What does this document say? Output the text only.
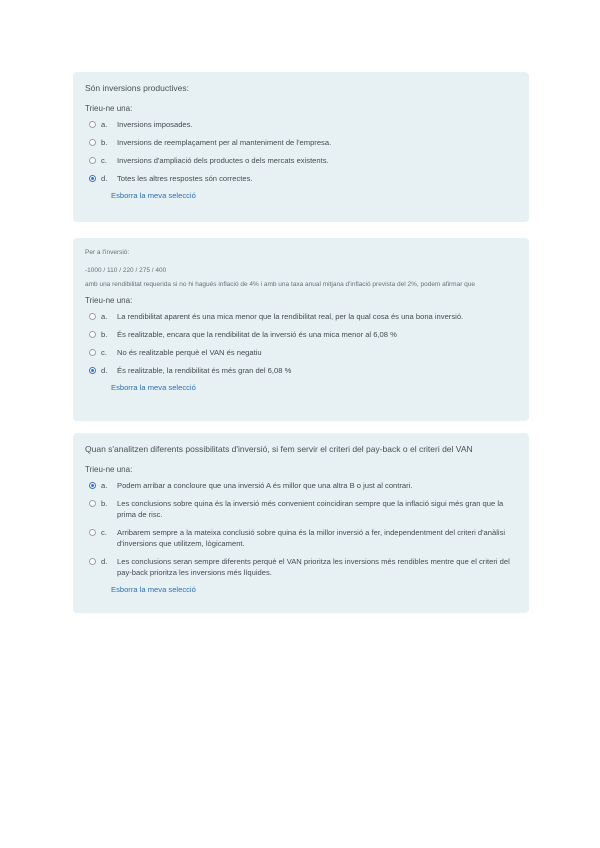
Són inversions productives:
Trieu-ne una:
a.	Inversions imposades.
b.	Inversions de reemplaçament per al manteniment de l'empresa.
c.	Inversions d'ampliació dels productes o dels mercats existents.
d.	Totes les altres respostes són correctes.
Esborra la meva selecció
Per a l'inversió:
-1000 / 110 / 220 / 275 / 400
amb una rendibilitat requerida si no hi hagués inflació de 4% i amb una taxa anual mitjana d'inflació prevista del 2%, podem afirmar que
Trieu-ne una:
a.	La rendibilitat aparent és una mica menor que la rendibilitat real, per la qual cosa és una bona inversió.
b.	És realitzable, encara que la rendibilitat de la inversió és una mica menor al 6,08 %
c.	No és realitzable perquè el VAN és negatiu
d.	És realitzable, la rendibilitat és més gran del 6,08 %
Esborra la meva selecció
Quan s'analitzen diferents possibilitats d'inversió, si fem servir el criteri del pay-back o el criteri del VAN
Trieu-ne una:
a.	Podem arribar a concloure que una inversió A és millor que una altra B o just al contrari.
b.	Les conclusions sobre quina és la inversió més convenient coincidiran sempre que la inflació sigui més gran que la prima de risc.
c.	Arribarem sempre a la mateixa conclusió sobre quina és la millor inversió a fer, independentment del criteri d'anàlisi d'inversions que utilitzem, lògicament.
d.	Les conclusions seran sempre diferents perquè el VAN prioritza les inversions més rendibles mentre que el criteri del pay-back prioritza les inversions més líquides.
Esborra la meva selecció
